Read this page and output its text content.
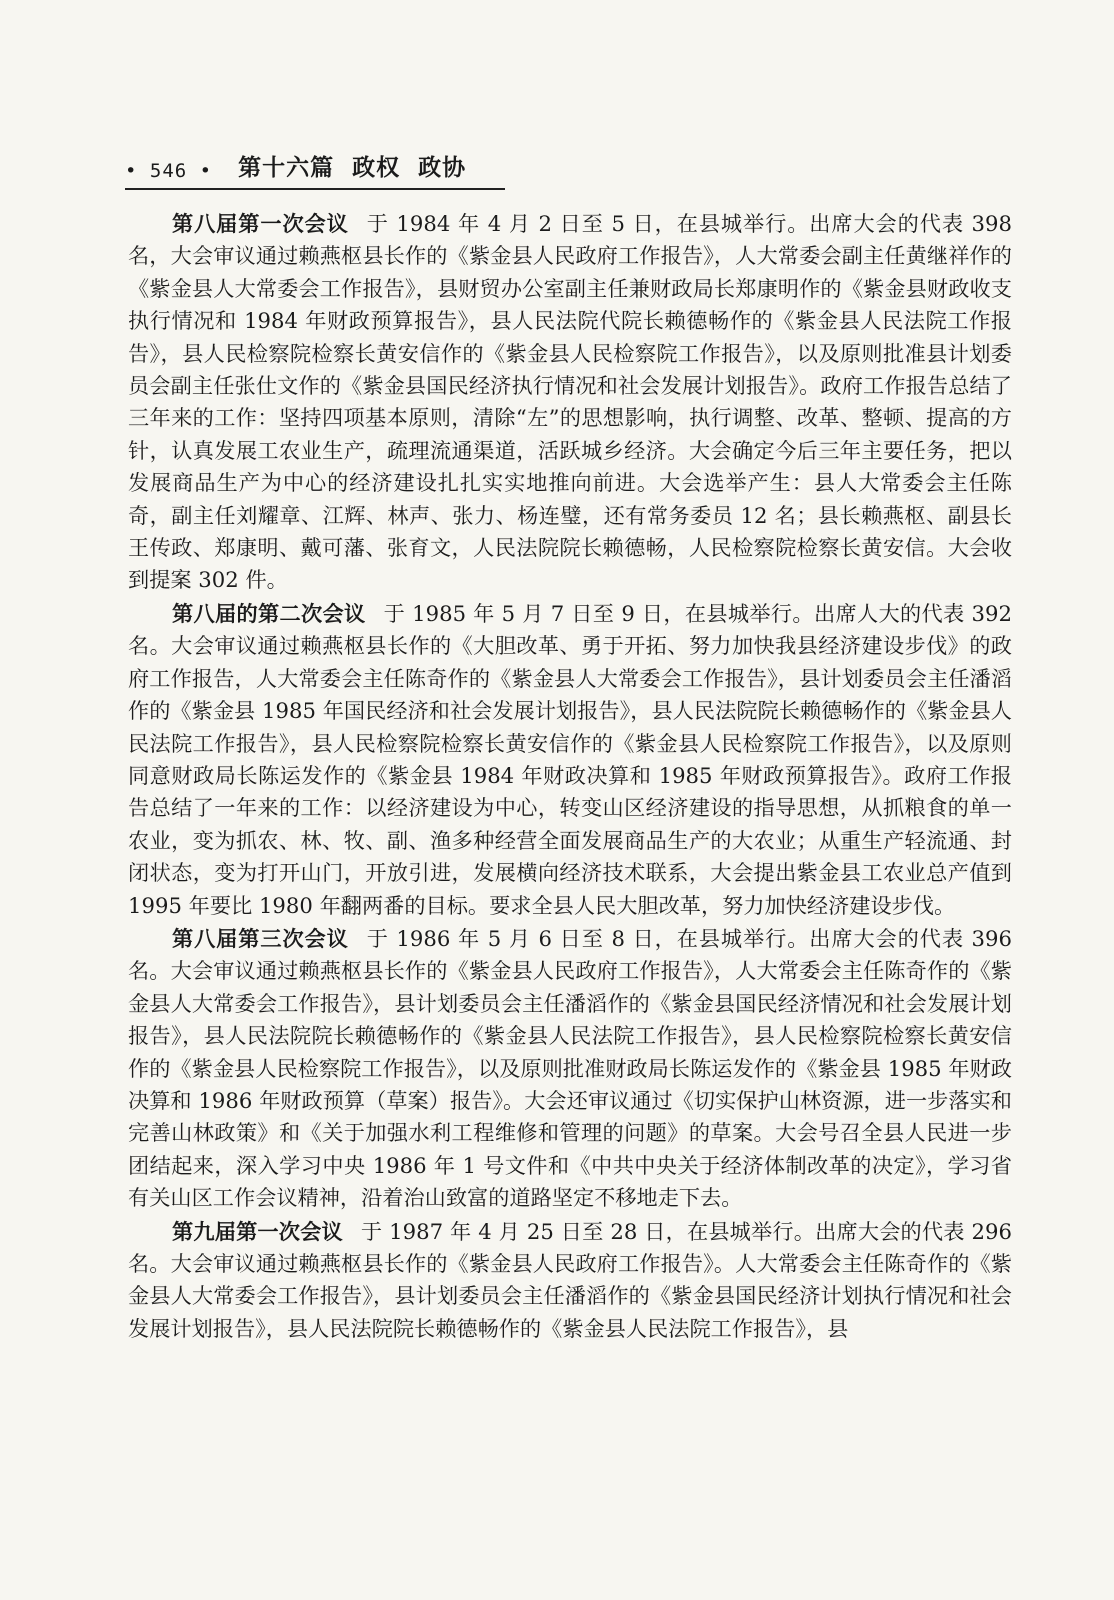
• 546 • 第十六篇  政权  政协

第八届第一次会议 于 1984 年 4 月 2 日至 5 日，在县城举行。出席大会的代表 398 名，大会审议通过赖燕枢县长作的《紫金县人民政府工作报告》，人大常委会副主任黄继祥作的《紫金县人大常委会工作报告》，县财贸办公室副主任兼财政局长郑康明作的《紫金县财政收支执行情况和 1984 年财政预算报告》，县人民法院代院长赖德畅作的《紫金县人民法院工作报告》，县人民检察院检察长黄安信作的《紫金县人民检察院工作报告》，以及原则批准县计划委员会副主任张仕文作的《紫金县国民经济执行情况和社会发展计划报告》。政府工作报告总结了三年来的工作：坚持四项基本原则，清除“左”的思想影响，执行调整、改革、整顿、提高的方针，认真发展工农业生产，疏理流通渠道，活跃城乡经济。大会确定今后三年主要任务，把以发展商品生产为中心的经济建设扎扎实实地推向前进。大会选举产生：县人大常委会主任陈奇，副主任刘耀章、江辉、林声、张力、杨连璧，还有常务委员 12 名；县长赖燕枢、副县长王传政、郑康明、戴可藩、张育文，人民法院院长赖德畅，人民检察院检察长黄安信。大会收到提案 302 件。

第八届的第二次会议 于 1985 年 5 月 7 日至 9 日，在县城举行。出席人大的代表 392 名。大会审议通过赖燕枢县长作的《大胆改革、勇于开拓、努力加快我县经济建设步伐》的政府工作报告，人大常委会主任陈奇作的《紫金县人大常委会工作报告》，县计划委员会主任潘滔作的《紫金县 1985 年国民经济和社会发展计划报告》，县人民法院院长赖德畅作的《紫金县人民法院工作报告》，县人民检察院检察长黄安信作的《紫金县人民检察院工作报告》，以及原则同意财政局长陈运发作的《紫金县 1984 年财政决算和 1985 年财政预算报告》。政府工作报告总结了一年来的工作：以经济建设为中心，转变山区经济建设的指导思想，从抓粮食的单一农业，变为抓农、林、牧、副、渔多种经营全面发展商品生产的大农业；从重生产轻流通、封闭状态，变为打开山门，开放引进，发展横向经济技术联系，大会提出紫金县工农业总产值到 1995 年要比 1980 年翻两番的目标。要求全县人民大胆改革，努力加快经济建设步伐。

第八届第三次会议 于 1986 年 5 月 6 日至 8 日，在县城举行。出席大会的代表 396 名。大会审议通过赖燕枢县长作的《紫金县人民政府工作报告》，人大常委会主任陈奇作的《紫金县人大常委会工作报告》，县计划委员会主任潘滔作的《紫金县国民经济情况和社会发展计划报告》，县人民法院院长赖德畅作的《紫金县人民法院工作报告》，县人民检察院检察长黄安信作的《紫金县人民检察院工作报告》，以及原则批准财政局长陈运发作的《紫金县 1985 年财政决算和 1986 年财政预算（草案）报告》。大会还审议通过《切实保护山林资源，进一步落实和完善山林政策》和《关于加强水利工程维修和管理的问题》的草案。大会号召全县人民进一步团结起来，深入学习中央 1986 年 1 号文件和《中共中央关于经济体制改革的决定》，学习省有关山区工作会议精神，沿着治山致富的道路坚定不移地走下去。

第九届第一次会议 于 1987 年 4 月 25 日至 28 日，在县城举行。出席大会的代表 296 名。大会审议通过赖燕枢县长作的《紫金县人民政府工作报告》。人大常委会主任陈奇作的《紫金县人大常委会工作报告》，县计划委员会主任潘滔作的《紫金县国民经济计划执行情况和社会发展计划报告》，县人民法院院长赖德畅作的《紫金县人民法院工作报告》，县
